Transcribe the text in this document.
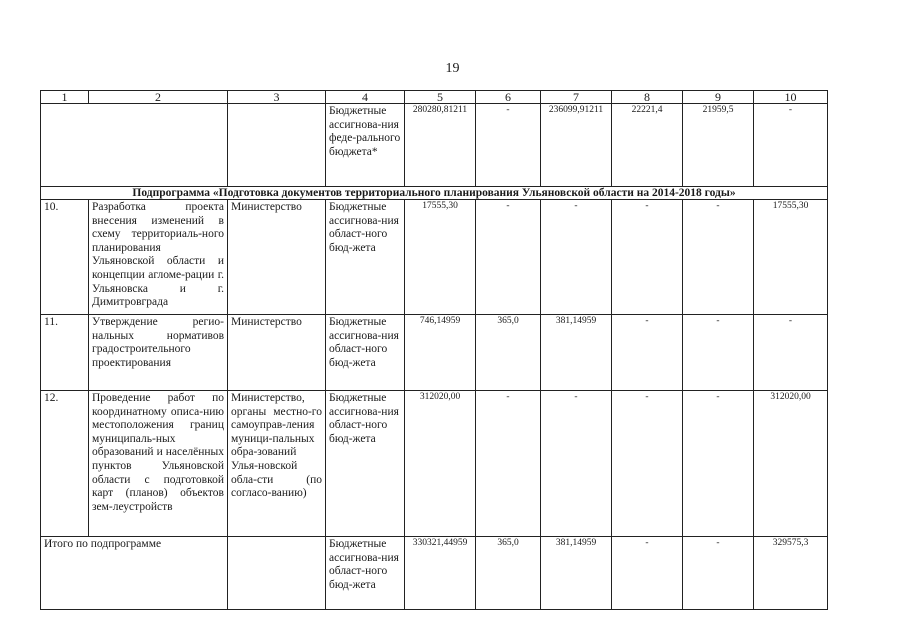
19
1	2	3	4	5	6	7	8	9	10
			Бюджетные ассигнова-ния феде-рального бюджета*	280280,81211	-	236099,91211	22221,4	21959,5	-
Подпрограмма «Подготовка документов территориального планирования Ульяновской области на 2014-2018 годы»									
10.	Разработка проекта внесения изменений в схему территориаль-ного планирования Ульяновской области и концепции агломе-рации г. Ульяновска и г. Димитровграда	Министерство	Бюджетные ассигнова-ния област-ного бюд-жета	17555,30	-	-	-	-	17555,30
11.	Утверждение регио-нальных нормативов градостроительного проектирования	Министерство	Бюджетные ассигнова-ния област-ного бюд-жета	746,14959	365,0	381,14959	-	-	-
12.	Проведение работ по координатному описа-нию местоположения границ муниципаль-ных образований и населённых пунктов Ульяновской области с подготовкой карт (планов) объектов зем-леустройств	Министерство, органы местно-го самоуправ-ления муници-пальных обра-зований Улья-новской обла-сти (по согласо-ванию)	Бюджетные ассигнова-ния област-ного бюд-жета	312020,00	-	-	-	-	312020,00
Итого по подпрограмме			Бюджетные ассигнова-ния област-ного бюд-жета	330321,44959	365,0	381,14959	-	-	329575,3
